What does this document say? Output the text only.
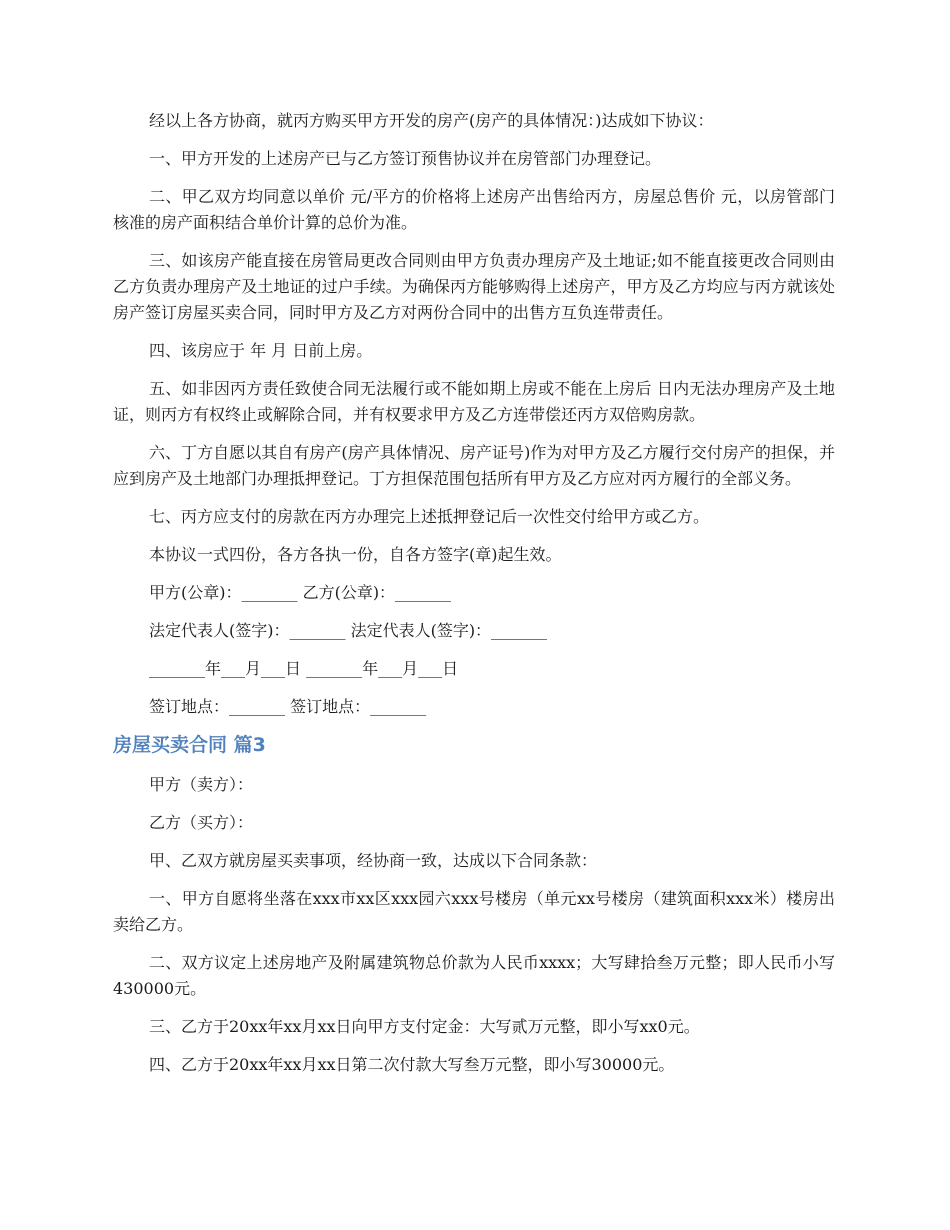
经以上各方协商，就丙方购买甲方开发的房产(房产的具体情况：)达成如下协议：

一、甲方开发的上述房产已与乙方签订预售协议并在房管部门办理登记。

二、甲乙双方均同意以单价 元/平方的价格将上述房产出售给丙方，房屋总售价 元，以房管部门核准的房产面积结合单价计算的总价为准。

三、如该房产能直接在房管局更改合同则由甲方负责办理房产及土地证;如不能直接更改合同则由乙方负责办理房产及土地证的过户手续。为确保丙方能够购得上述房产，甲方及乙方均应与丙方就该处房产签订房屋买卖合同，同时甲方及乙方对两份合同中的出售方互负连带责任。

四、该房应于 年 月 日前上房。

五、如非因丙方责任致使合同无法履行或不能如期上房或不能在上房后 日内无法办理房产及土地证，则丙方有权终止或解除合同，并有权要求甲方及乙方连带偿还丙方双倍购房款。

六、丁方自愿以其自有房产(房产具体情况、房产证号)作为对甲方及乙方履行交付房产的担保，并应到房产及土地部门办理抵押登记。丁方担保范围包括所有甲方及乙方应对丙方履行的全部义务。

七、丙方应支付的房款在丙方办理完上述抵押登记后一次性交付给甲方或乙方。

本协议一式四份，各方各执一份，自各方签字(章)起生效。

甲方(公章)：_______ 乙方(公章)：_______

法定代表人(签字)：_______ 法定代表人(签字)：_______

_______年___月___日 _______年___月___日

签订地点：_______ 签订地点：_______

房屋买卖合同 篇3

甲方（卖方）：

乙方（买方）：

甲、乙双方就房屋买卖事项，经协商一致，达成以下合同条款：

一、甲方自愿将坐落在xxx市xx区xxx园六xxx号楼房（单元xx号楼房（建筑面积xxx米）楼房出卖给乙方。

二、双方议定上述房地产及附属建筑物总价款为人民币xxxx；大写肆拾叁万元整；即人民币小写430000元。

三、乙方于20xx年xx月xx日向甲方支付定金：大写贰万元整，即小写xx0元。

四、乙方于20xx年xx月xx日第二次付款大写叁万元整，即小写30000元。
